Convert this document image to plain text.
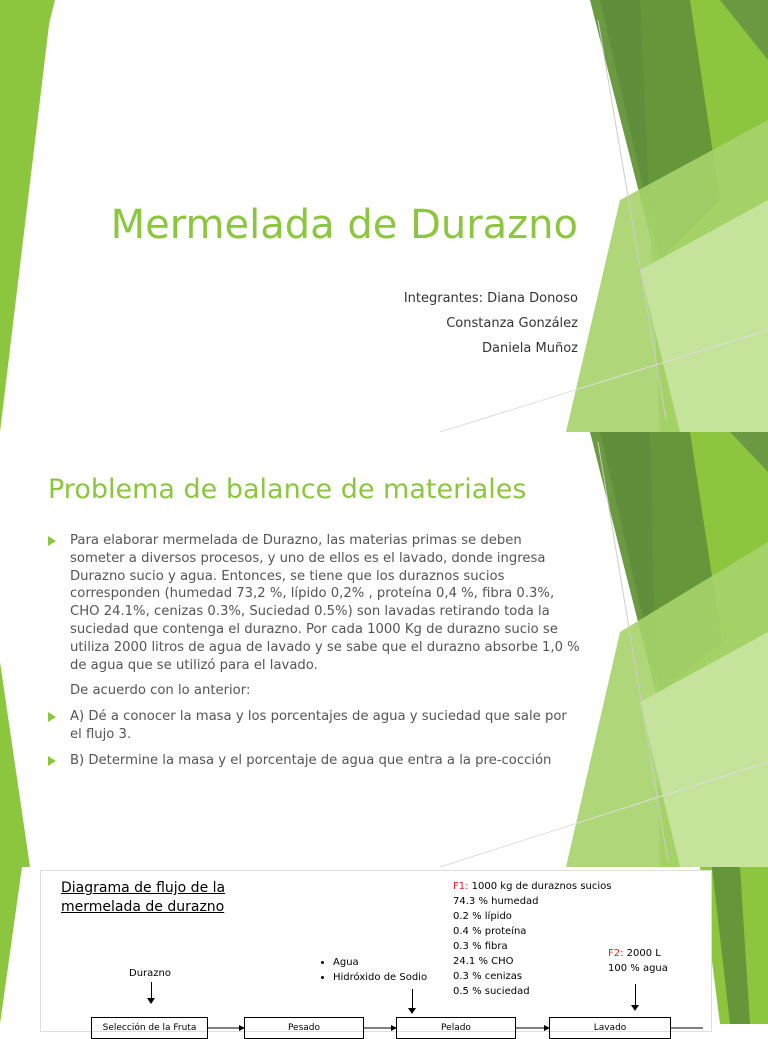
Mermelada de Durazno
Integrantes: Diana Donoso
Constanza González
Daniela Muñoz
Problema de balance de materiales
Para elaborar mermelada de Durazno, las materias primas se deben someter a diversos procesos, y uno de ellos es el lavado, donde ingresa Durazno sucio y agua. Entonces, se tiene que los duraznos sucios corresponden (humedad 73,2 %, lípido 0,2% , proteína 0,4 %, fibra 0.3%, CHO 24.1%, cenizas 0.3%, Suciedad 0.5%) son lavadas retirando toda la suciedad que contenga el durazno. Por cada 1000 Kg de durazno sucio se utiliza 2000 litros de agua de lavado y se sabe que el durazno absorbe 1,0 % de agua que se utilizó para el lavado.
De acuerdo con lo anterior:
A) Dé a conocer la masa y los porcentajes de agua y suciedad que sale por el flujo 3.
B) Determine la masa y el porcentaje de agua que entra a la pre-cocción
Diagrama de flujo de la
mermelada de durazno
Durazno
• Agua
• Hidróxido de Sodio
F1: 1000 kg de duraznos sucios
74.3 % humedad
0.2 % lípido
0.4 % proteína
0.3 % fibra
24.1 % CHO
0.3 % cenizas
0.5 % suciedad
F2: 2000 L
100 % agua
Selección de la Fruta	Pesado	Pelado	Lavado
